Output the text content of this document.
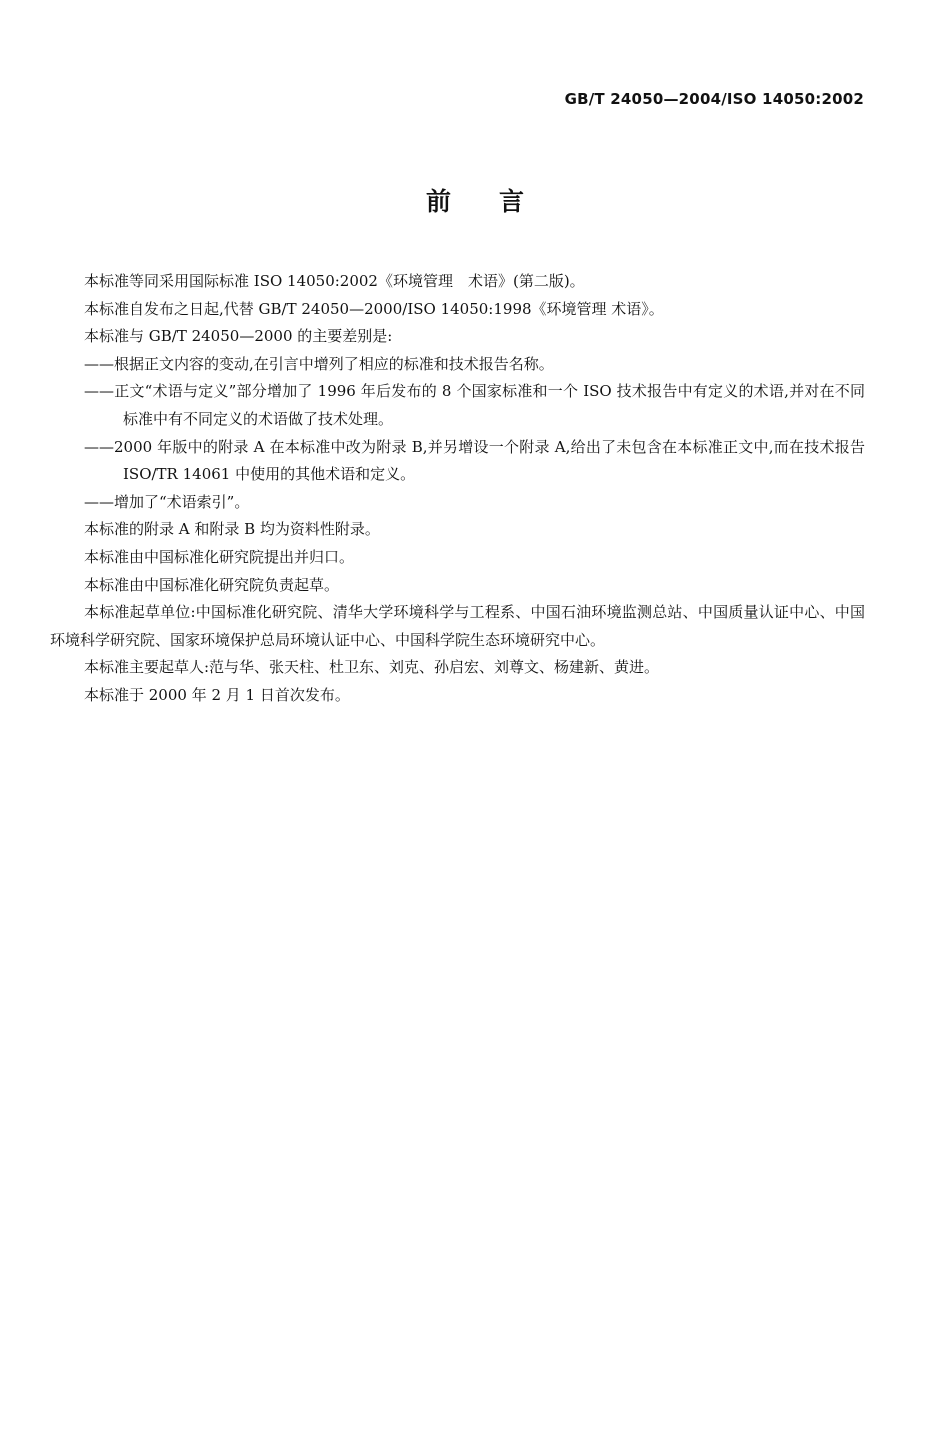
GB/T 24050—2004/ISO 14050:2002
前 言

本标准等同采用国际标准 ISO 14050:2002《环境管理　术语》(第二版)。

本标准自发布之日起,代替 GB/T 24050—2000/ISO 14050:1998《环境管理 术语》。

本标准与 GB/T 24050—2000 的主要差别是:

——根据正文内容的变动,在引言中增列了相应的标准和技术报告名称。

——正文“术语与定义”部分增加了 1996 年后发布的 8 个国家标准和一个 ISO 技术报告中有定义的术语,并对在不同标准中有不同定义的术语做了技术处理。

——2000 年版中的附录 A 在本标准中改为附录 B,并另增设一个附录 A,给出了未包含在本标准正文中,而在技术报告 ISO/TR 14061 中使用的其他术语和定义。

——增加了“术语索引”。

本标准的附录 A 和附录 B 均为资料性附录。

本标准由中国标准化研究院提出并归口。

本标准由中国标准化研究院负责起草。

本标准起草单位:中国标准化研究院、清华大学环境科学与工程系、中国石油环境监测总站、中国质量认证中心、中国环境科学研究院、国家环境保护总局环境认证中心、中国科学院生态环境研究中心。

本标准主要起草人:范与华、张天柱、杜卫东、刘克、孙启宏、刘尊文、杨建新、黄进。

本标准于 2000 年 2 月 1 日首次发布。
